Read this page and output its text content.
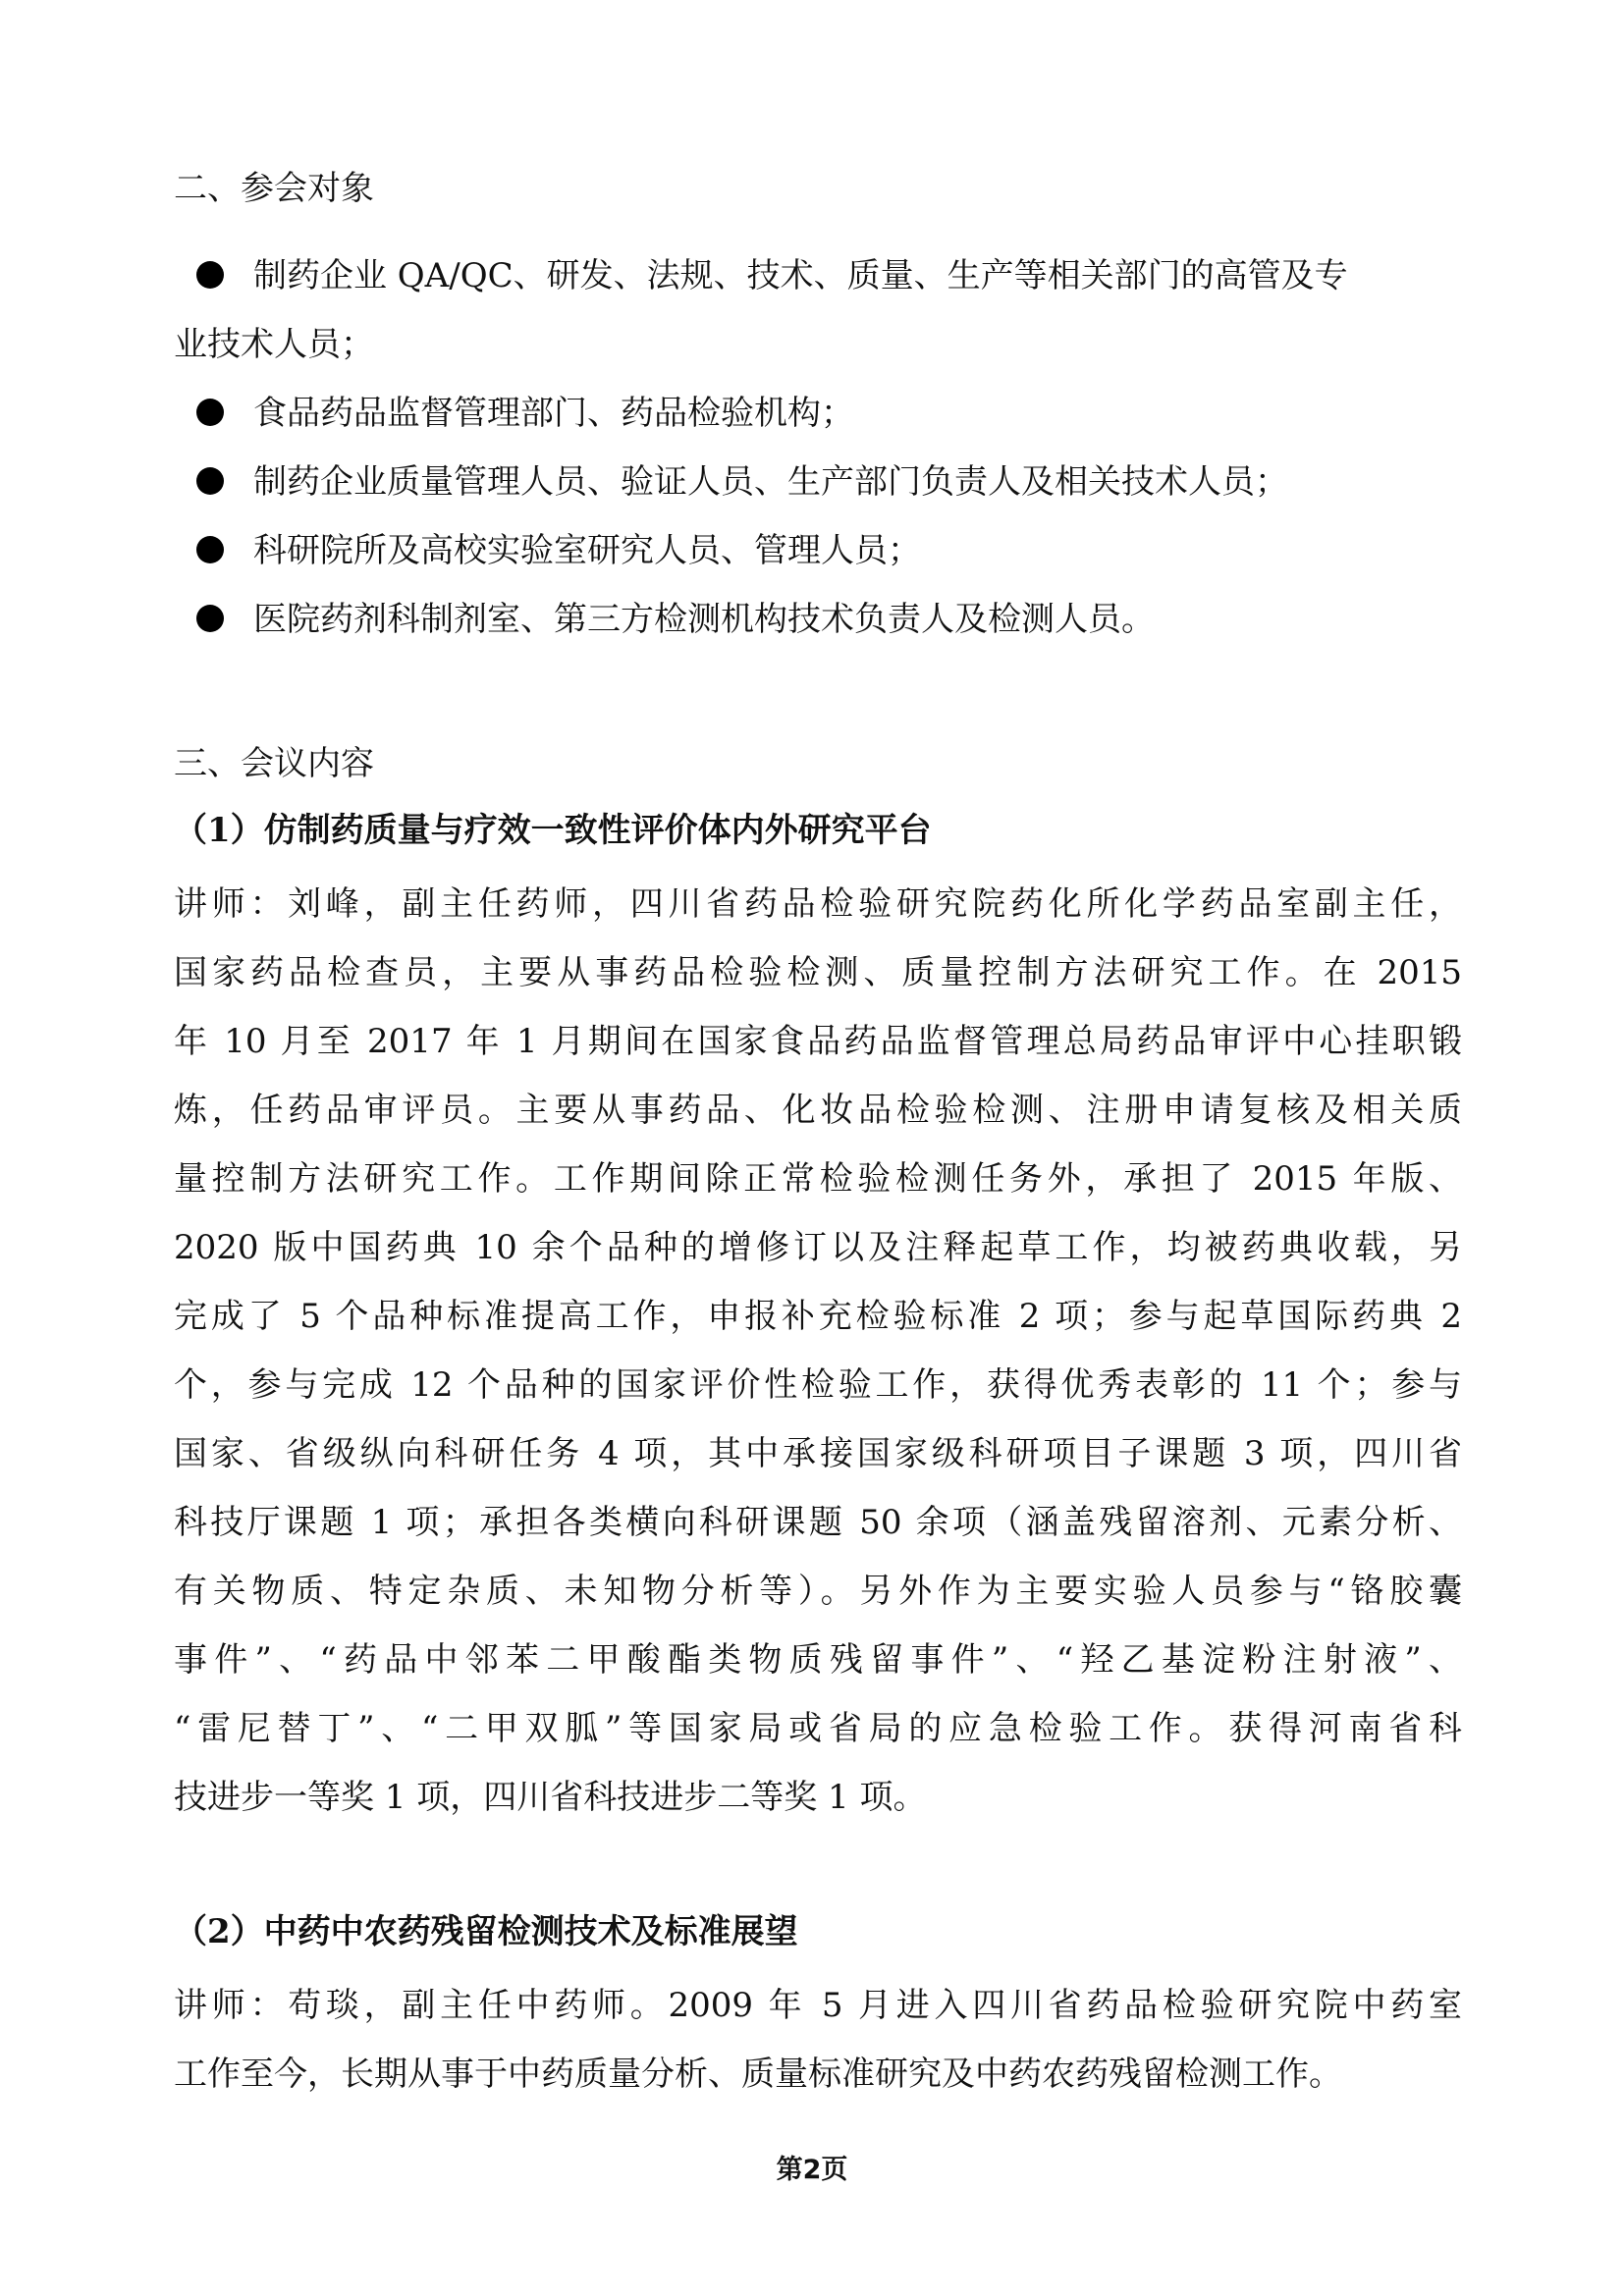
二、参会对象

制药企业 QA/QC、研发、法规、技术、质量、生产等相关部门的高管及专
业技术人员；
食品药品监督管理部门、药品检验机构；
制药企业质量管理人员、验证人员、生产部门负责人及相关技术人员；
科研院所及高校实验室研究人员、管理人员；
医院药剂科制剂室、第三方检测机构技术负责人及检测人员。

三、会议内容

（1）仿制药质量与疗效一致性评价体内外研究平台

讲师：刘峰，副主任药师，四川省药品检验研究院药化所化学药品室副主任，
国家药品检查员，主要从事药品检验检测、质量控制方法研究工作。在 2015
年 10 月至 2017 年 1 月期间在国家食品药品监督管理总局药品审评中心挂职锻
炼，任药品审评员。主要从事药品、化妆品检验检测、注册申请复核及相关质
量控制方法研究工作。工作期间除正常检验检测任务外，承担了 2015 年版、
2020 版中国药典 10 余个品种的增修订以及注释起草工作，均被药典收载，另
完成了 5 个品种标准提高工作，申报补充检验标准 2 项；参与起草国际药典 2
个，参与完成 12 个品种的国家评价性检验工作，获得优秀表彰的 11 个；参与
国家、省级纵向科研任务 4 项，其中承接国家级科研项目子课题 3 项，四川省
科技厅课题 1 项；承担各类横向科研课题 50 余项（涵盖残留溶剂、元素分析、
有关物质、特定杂质、未知物分析等）。另外作为主要实验人员参与“铬胶囊
事件”、“药品中邻苯二甲酸酯类物质残留事件”、“羟乙基淀粉注射液”、
“雷尼替丁”、“二甲双胍”等国家局或省局的应急检验工作。获得河南省科
技进步一等奖 1 项，四川省科技进步二等奖 1 项。

（2）中药中农药残留检测技术及标准展望

讲师：苟琰，副主任中药师。2009 年 5 月进入四川省药品检验研究院中药室
工作至今，长期从事于中药质量分析、质量标准研究及中药农药残留检测工作。
第2页
